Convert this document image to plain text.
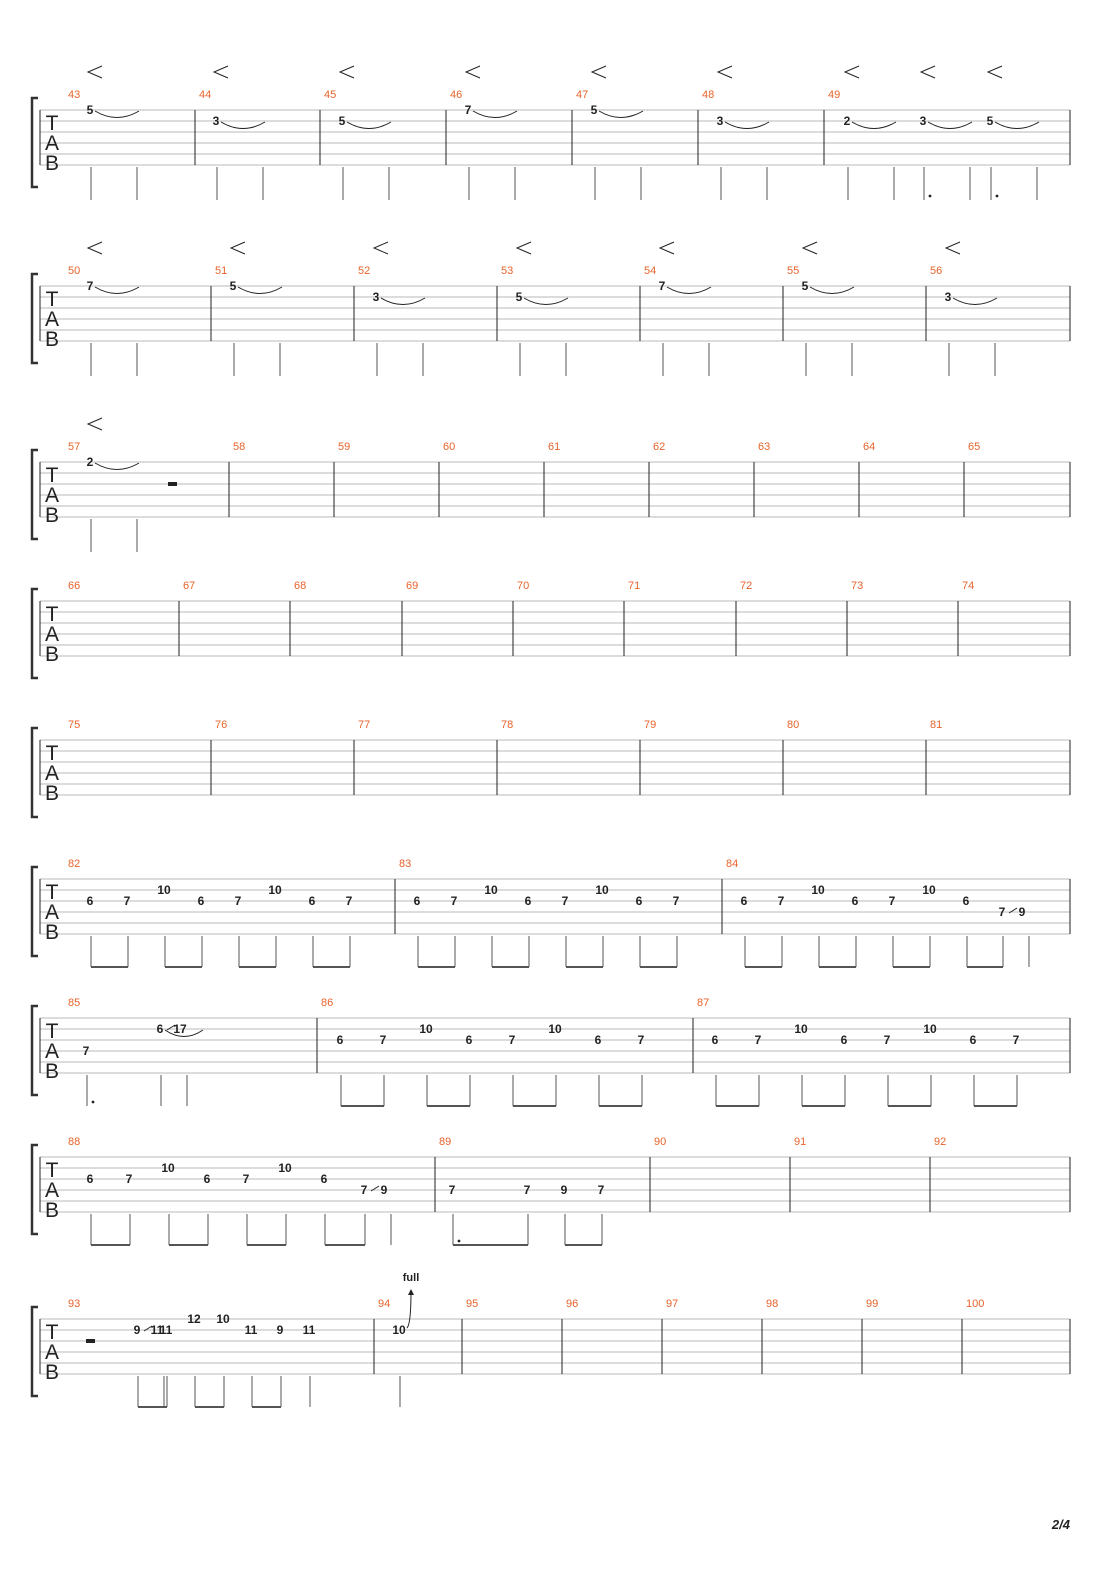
T
A
B
43
5
44
3
45
5
46
7
47
5
48
3
49
2	3	5
T
A
B
50
7
51
5
52
3
53
5
54
7
55
5
56
3
T
A
B
57
2
58	59	60	61	62	63	64	65
T
A
B
66	67	68	69	70	71	72	73	74
T
A
B
75	76	77	78	79	80	81
T
A
B
82
6	7
10
6	7
10
6	7
83
6	7
10
6	7
10
6	7
84
6	7
10
6	7
10
6
7 9
T
A
B
85
7
6 17
86
6	7
10
6	7
10
6	7
87
6	7
10
6	7
10
6	7
T
A
B
88
6	7
10
6	7
10
6
7 9
89
7	7	9	7
90	91	92
T
A
B
93
9 11
11
12 10
11 9 11
94
10
full
95	96	97	98	99	100
2/4
